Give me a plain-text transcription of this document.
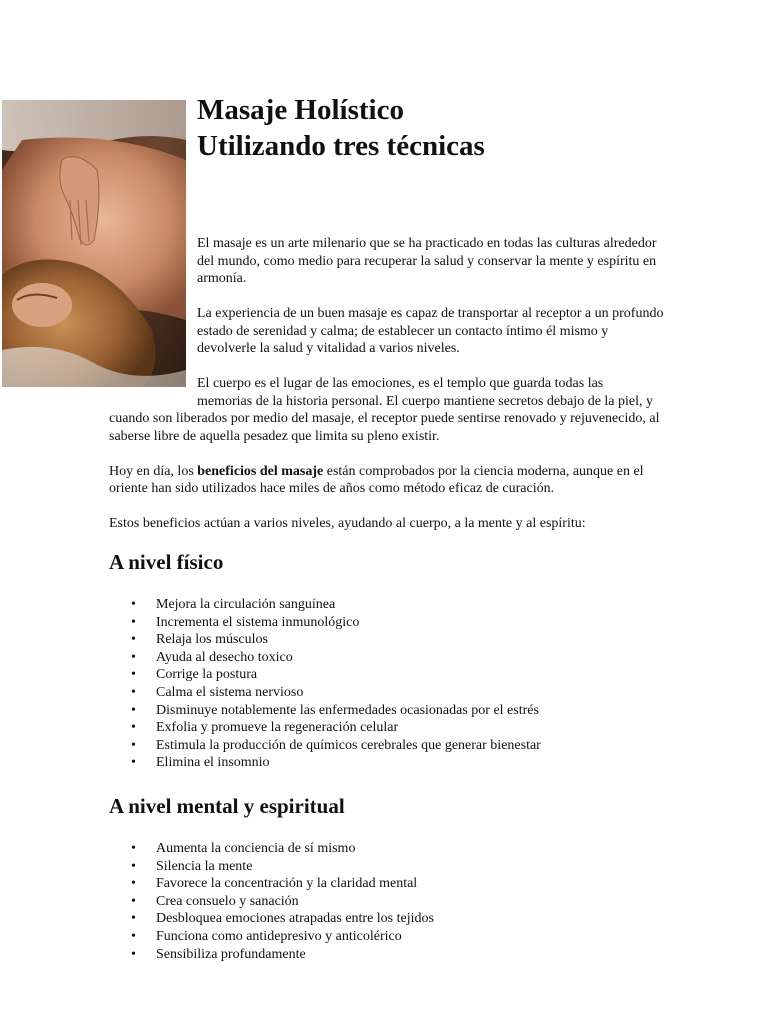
Masaje Holístico
Utilizando tres técnicas

El masaje es un arte milenario que se ha practicado en todas las culturas alrededor del mundo, como medio para recuperar la salud y conservar la mente y espíritu en armonía.

La experiencia de un buen masaje es capaz de transportar al receptor a un profundo estado de serenidad y calma; de establecer un contacto íntimo él mismo y devolverle la salud y vitalidad a varios niveles.

El cuerpo es el lugar de las emociones, es el templo que guarda todas las
memorias de la historia personal. El cuerpo mantiene secretos debajo de la piel, y cuando son liberados por medio del masaje, el receptor puede sentirse renovado y rejuvenecido, al saberse libre de aquella pesadez que limita su pleno existir.

Hoy en día, los beneficios del masaje están comprobados por la ciencia moderna, aunque en el oriente han sido utilizados hace miles de años como método eficaz de curación.

Estos beneficios actúan a varios niveles, ayudando al cuerpo, a la mente y al espíritu:

A nivel físico
• Mejora la circulación sanguínea
• Incrementa el sistema inmunológico
• Relaja los músculos
• Ayuda al desecho toxico
• Corrige la postura
• Calma el sistema nervioso
• Disminuye notablemente las enfermedades ocasionadas por el estrés
• Exfolia y promueve la regeneración celular
• Estimula la producción de químicos cerebrales que generar bienestar
• Elimina el insomnio
A nivel mental y espiritual
• Aumenta la conciencia de sí mismo
• Silencia la mente
• Favorece la concentración y la claridad mental
• Crea consuelo y sanación
• Desbloquea emociones atrapadas entre los tejidos
• Funciona como antidepresivo y anticolérico
• Sensibiliza profundamente
